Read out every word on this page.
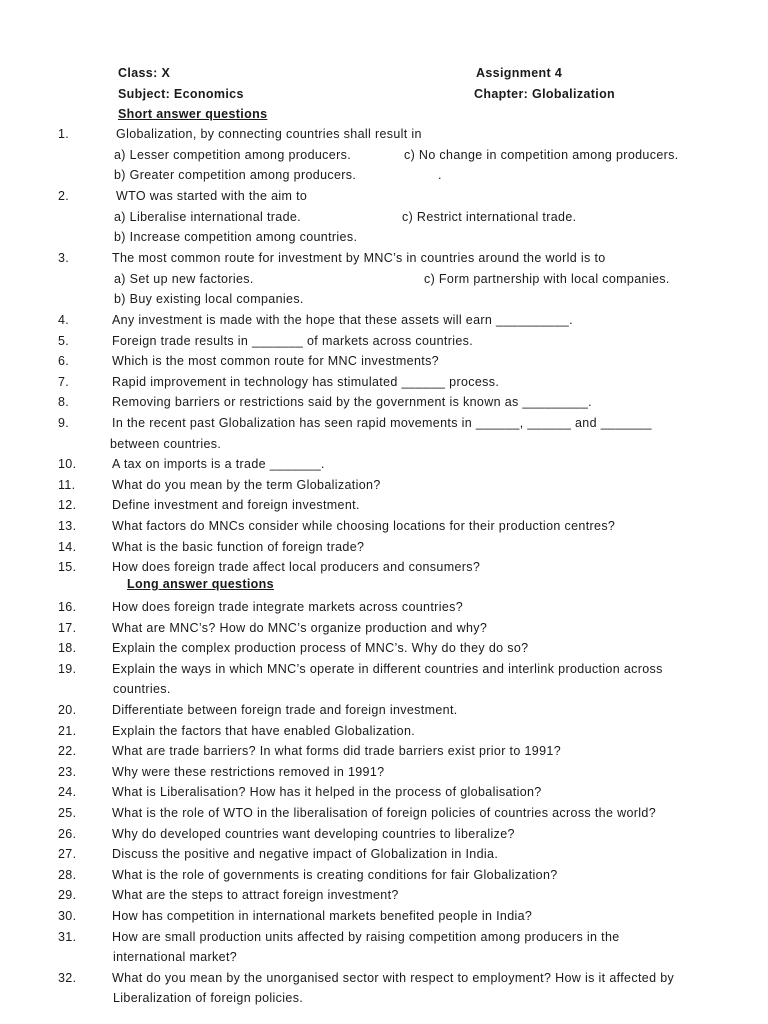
Class: X
Subject: Economics
Assignment 4
Chapter: Globalization
Short answer questions
1.	Globalization, by connecting countries shall result in
a) Lesser competition among producers.	c) No change in competition among producers.
b) Greater competition among producers.	.
2.	WTO was started with the aim to
a) Liberalise international trade.	c) Restrict international trade.
b) Increase competition among countries.
3.	The most common route for investment by MNC’s in countries around the world is to
a) Set up new factories.	c) Form partnership with local companies.
b) Buy existing local companies.
4.	Any investment is made with the hope that these assets will earn __________.
5.	Foreign trade results in _______ of markets across countries.
6.	Which is the most common route for MNC investments?
7.	Rapid improvement in technology has stimulated ______ process.
8.	Removing barriers or restrictions said by the government is known as _________.
9.	In the recent past Globalization has seen rapid movements in ______, ______ and _______
between countries.
10.	A tax on imports is a trade _______.
11.	What do you mean by the term Globalization?
12.	Define investment and foreign investment.
13.	What factors do MNCs consider while choosing locations for their production centres?
14.	What is the basic function of foreign trade?
15.	How does foreign trade affect local producers and consumers?
Long answer questions
16.	How does foreign trade integrate markets across countries?
17.	What are MNC’s? How do MNC’s organize production and why?
18.	Explain the complex production process of MNC’s. Why do they do so?
19.	Explain the ways in which MNC’s operate in different countries and interlink production across
countries.
20.	Differentiate between foreign trade and foreign investment.
21.	Explain the factors that have enabled Globalization.
22.	What are trade barriers? In what forms did trade barriers exist prior to 1991?
23.	Why were these restrictions removed in 1991?
24.	What is Liberalisation? How has it helped in the process of globalisation?
25.	What is the role of WTO in the liberalisation of foreign policies of countries across the world?
26.	Why do developed countries want developing countries to liberalize?
27.	Discuss the positive and negative impact of Globalization in India.
28.	What is the role of governments is creating conditions for fair Globalization?
29.	What are the steps to attract foreign investment?
30.	How has competition in international markets benefited people in India?
31.	How are small production units affected by raising competition among producers in the
international market?
32.	What do you mean by the unorganised sector with respect to employment? How is it affected by
Liberalization of foreign policies.
